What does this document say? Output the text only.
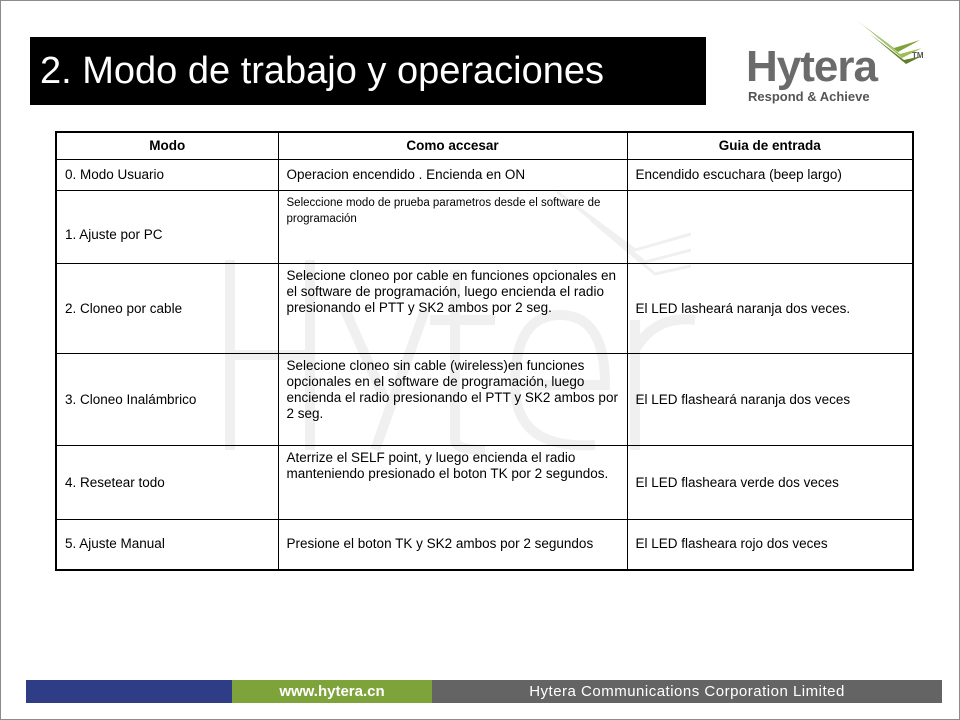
2. Modo de trabajo y operaciones	Hytera	TM
Respond & Achieve
Modo	Como accesar	Guia de entrada
0. Modo Usuario	Operacion encendido . Encienda en ON	Encendido escuchara (beep largo)
1. Ajuste por PC	Seleccione modo de prueba parametros desde el software de programación	
2. Cloneo por cable	Selecione cloneo por cable en funciones opcionales en el software de programación, luego encienda el radio presionando el PTT y SK2 ambos por 2 seg.	El LED lasheará naranja dos veces.
3. Cloneo Inalámbrico	Selecione cloneo sin cable (wireless)en funciones opcionales en el software de programación, luego encienda el radio presionando el PTT y SK2 ambos por 2 seg.	El LED flasheará naranja dos veces
4. Resetear todo	Aterrize el SELF point, y luego encienda el radio manteniendo presionado el boton TK por 2 segundos.	El LED flasheara verde dos veces
5. Ajuste Manual	Presione el boton TK y SK2 ambos por 2 segundos	El LED flasheara rojo dos veces
www.hytera.cn	Hytera Communications Corporation Limited
